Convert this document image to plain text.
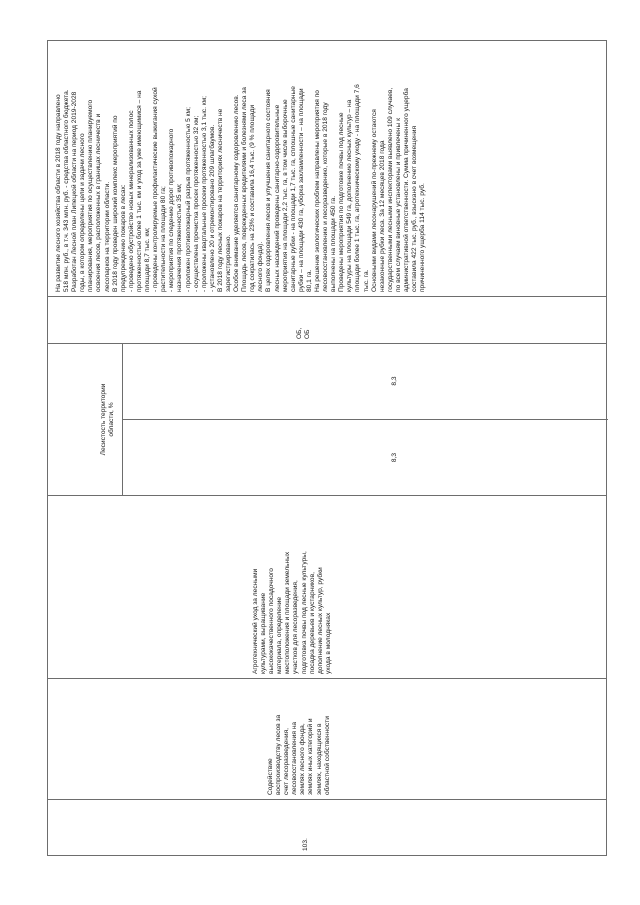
103.
Содействие
воспроизводству лесов за
счет лесоразведения,
лесовосстановления на
землях лесного фонда,
землях иных категорий и
землях, находящихся в
областной собственности
Агротехнический уход за лесными
культурами, выращивание
высококачественного посадочного
материала, определение
местоположения и площади земельных
участков для лесоразведения,
подготовка почвы под лесные культуры,
посадка деревьев и кустарников,
дополнение лесных культур, рубки
ухода в молодняках
Лесистость территории
области, %
8,3
8,3
ОБ,
ОБ
На развитие лесного хозяйства области в 2018 году направлено
518 млн. руб., в т.ч. 343 млн. руб. - средства областного бюджета.
Разработан Лесной план Липецкой области на период 2019-2028
годы, в котором определены цели и задачи лесного
планирования, мероприятия по осуществлению планируемого
освоения лесов, расположенных в границах лесничеств и
лесопарков на территории области.
В 2018 году проведен широкий комплекс мероприятий по
предупреждению пожаров в лесах:
- проведено обустройство новых минерализованных полос
протяженностью более 1 тыс. км и уход за уже имеющимися – на
площади 8,7 тыс. км;
- проведены контролируемые профилактические выжигания сухой
растительности на площади 80 га;
- мероприятия по следению дорог противопожарного
назначения протяженностью 35 км;
- проложен противопожарный разрыв протяженностью 5 км;
- осуществлена прочистка просек протяженностью 32 км;
- проложены квартальные просеки протяженностью 3,1 тыс. км;
- установлено 20 и отремонтировано 209 шлагбаумов.
В 2018 году лесных пожаров на территориях лесничеств не
зарегистрировано.
Особое внимание уделяется санитарному оздоровлению лесов.
Площадь лесов, поврежденных вредителями и болезнями леса за
год сократилась на 23% и составила 16,4 тыс. (9 % площади
лесного фонда).
В целях оздоровления лесов и улучшения санитарного состояния
лесных насаждений проведены санитарно-оздоровительные
мероприятия на площади 2,2 тыс. га, в том числе выборочные
санитарные рубки - на площади 1,7 тыс. га, сплошные санитарные
рубки – на площади 430 га, уборка захламленности – на площади
80,1 га.
На решение экологических проблем направлены мероприятия по
лесовосстановлению и лесоразведению, которые в 2018 году
выполнены на площади 450 га.
Проведены мероприятия по подготовке почвы под лесные
культуры на площади 549 га, дополнению лесных культур – на
площади более 1 тыс. га, агротехническому уходу - на площади 7,6
тыс. га.
Основными видами лесонарушений по-прежнему остаются
незаконные рубки леса. За 12 месяцев 2018 года
государственными лесными инспекторами выявлено 109 случаев,
по всем случаям виновные установлены и привлечены к
административной ответственности. Сумма причиненного ущерба
составила 422 тыс. руб., взыскано в счет возмещения
причиненного ущерба 114 тыс. руб.
